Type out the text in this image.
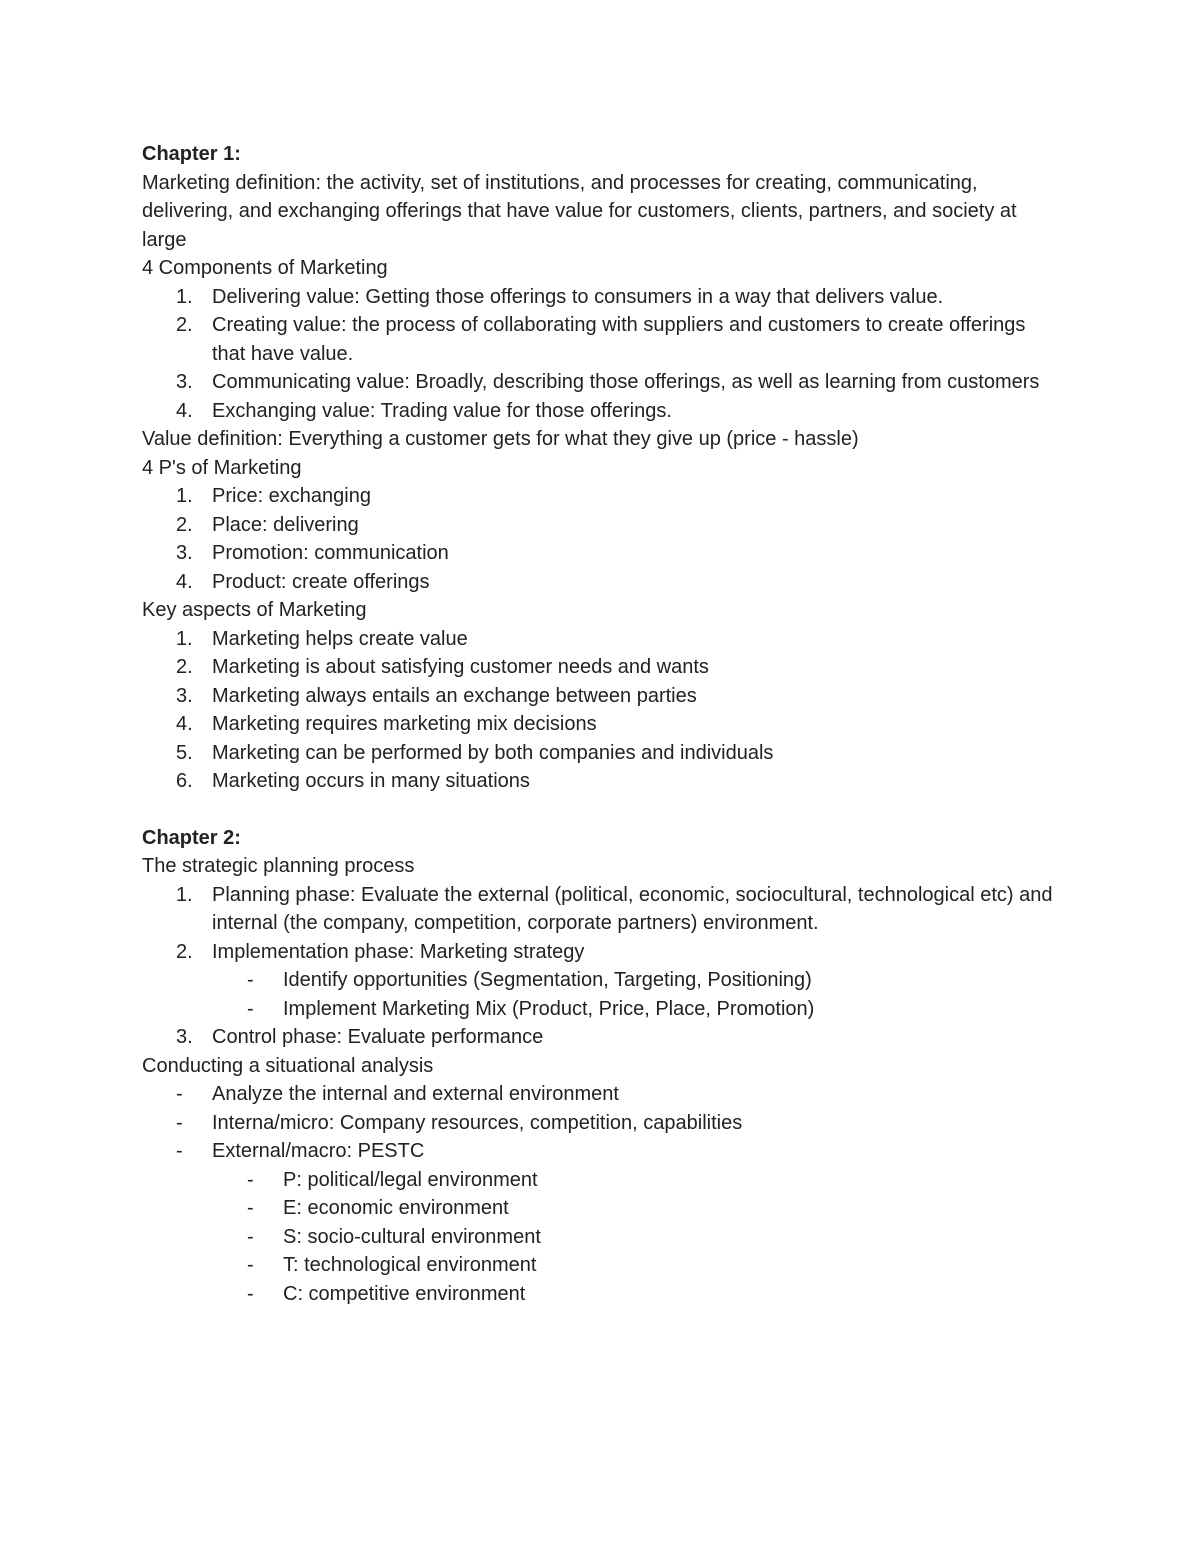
Chapter 1:

Marketing definition: the activity, set of institutions, and processes for creating, communicating, delivering, and exchanging offerings that have value for customers, clients, partners, and society at large

4 Components of Marketing

1. Delivering value: Getting those offerings to consumers in a way that delivers value.
2. Creating value: the process of collaborating with suppliers and customers to create offerings that have value.
3. Communicating value: Broadly, describing those offerings, as well as learning from customers
4. Exchanging value: Trading value for those offerings.

Value definition: Everything a customer gets for what they give up (price - hassle)

4 P's of Marketing

1. Price: exchanging
2. Place: delivering
3. Promotion: communication
4. Product: create offerings

Key aspects of Marketing

1. Marketing helps create value
2. Marketing is about satisfying customer needs and wants
3. Marketing always entails an exchange between parties
4. Marketing requires marketing mix decisions
5. Marketing can be performed by both companies and individuals
6. Marketing occurs in many situations

Chapter 2:

The strategic planning process

1. Planning phase: Evaluate the external (political, economic, sociocultural, technological etc) and internal (the company, competition, corporate partners) environment.
2. Implementation phase: Marketing strategy
- Identify opportunities (Segmentation, Targeting, Positioning)
- Implement Marketing Mix (Product, Price, Place, Promotion)
3. Control phase: Evaluate performance

Conducting a situational analysis

- Analyze the internal and external environment
- Interna/micro: Company resources, competition, capabilities
- External/macro: PESTC
- P: political/legal environment
- E: economic environment
- S: socio-cultural environment
- T: technological environment
- C: competitive environment
